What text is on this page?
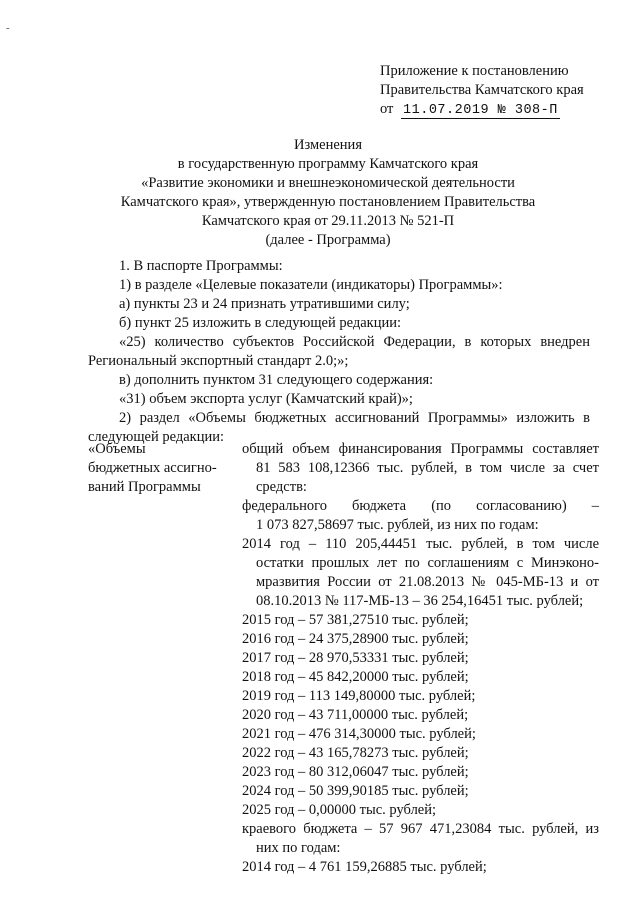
-
Приложение к постановлению
Правительства Камчатского края
от 11.07.2019 № 308-П
Изменения
в государственную программу Камчатского края
«Развитие экономики и внешнеэкономической деятельности
Камчатского края», утвержденную постановлением Правительства
Камчатского края от 29.11.2013 № 521-П
(далее - Программа)
1. В паспорте Программы:
1) в разделе «Целевые показатели (индикаторы) Программы»:
а) пункты 23 и 24 признать утратившими силу;
б) пункт 25 изложить в следующей редакции:
«25) количество субъектов Российской Федерации, в которых внедрен
Региональный экспортный стандарт 2.0;»;
в) дополнить пунктом 31 следующего содержания:
«31) объем экспорта услуг (Камчатский край)»;
2) раздел «Объемы бюджетных ассигнований Программы» изложить в
следующей редакции:
«Объемы
бюджетных ассигно-
ваний Программы
общий объем финансирования Программы составляет
81 583 108,12366 тыс. рублей, в том числе за счет
средств:
федерального бюджета (по согласованию) –
1 073 827,58697 тыс. рублей, из них по годам:
2014 год – 110 205,44451 тыс. рублей, в том числе
остатки прошлых лет по соглашениям с Минэконо-
мразвития России от 21.08.2013 № 045-МБ-13 и от
08.10.2013 № 117-МБ-13 – 36 254,16451 тыс. рублей;
2015 год – 57 381,27510 тыс. рублей;
2016 год – 24 375,28900 тыс. рублей;
2017 год – 28 970,53331 тыс. рублей;
2018 год – 45 842,20000 тыс. рублей;
2019 год – 113 149,80000 тыс. рублей;
2020 год – 43 711,00000 тыс. рублей;
2021 год – 476 314,30000 тыс. рублей;
2022 год – 43 165,78273 тыс. рублей;
2023 год – 80 312,06047 тыс. рублей;
2024 год – 50 399,90185 тыс. рублей;
2025 год – 0,00000 тыс. рублей;
краевого бюджета – 57 967 471,23084 тыс. рублей, из
них по годам:
2014 год – 4 761 159,26885 тыс. рублей;
